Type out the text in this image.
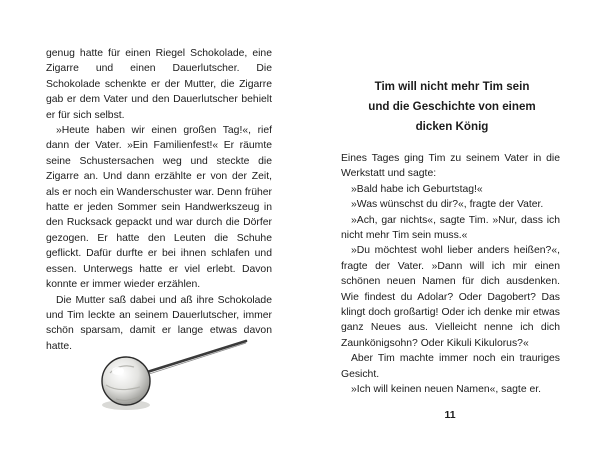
genug hatte für einen Riegel Schokolade, eine Zigarre und einen Dauerlutscher. Die Schokolade schenkte er der Mutter, die Zigarre gab er dem Vater und den Dauerlutscher behielt er für sich selbst.

»Heute haben wir einen großen Tag!«, rief dann der Vater. »Ein Familienfest!« Er räumte seine Schustersachen weg und steckte die Zigarre an. Und dann erzählte er von der Zeit, als er noch ein Wanderschuster war. Denn früher hatte er jeden Sommer sein Handwerkszeug in den Rucksack gepackt und war durch die Dörfer gezogen. Er hatte den Leuten die Schuhe geflickt. Dafür durfte er bei ihnen schlafen und essen. Unterwegs hatte er viel erlebt. Davon konnte er immer wieder erzählen.

Die Mutter saß dabei und aß ihre Schokolade und Tim leckte an seinem Dauerlutscher, immer schön sparsam, damit er lange etwas davon hatte.

Tim will nicht mehr Tim sein
und die Geschichte von einem
dicken König

Eines Tages ging Tim zu seinem Vater in die Werkstatt und sagte:

»Bald habe ich Geburtstag!«

»Was wünschst du dir?«, fragte der Vater.

»Ach, gar nichts«, sagte Tim. »Nur, dass ich nicht mehr Tim sein muss.«

»Du möchtest wohl lieber anders heißen?«, fragte der Vater. »Dann will ich mir einen schönen neuen Namen für dich ausdenken. Wie findest du Adolar? Oder Dagobert? Das klingt doch großartig! Oder ich denke mir etwas ganz Neues aus. Vielleicht nenne ich dich Zaunkönigsohn? Oder Kikuli Kikulorus?«

Aber Tim machte immer noch ein trauriges Gesicht.

»Ich will keinen neuen Namen«, sagte er.

11
